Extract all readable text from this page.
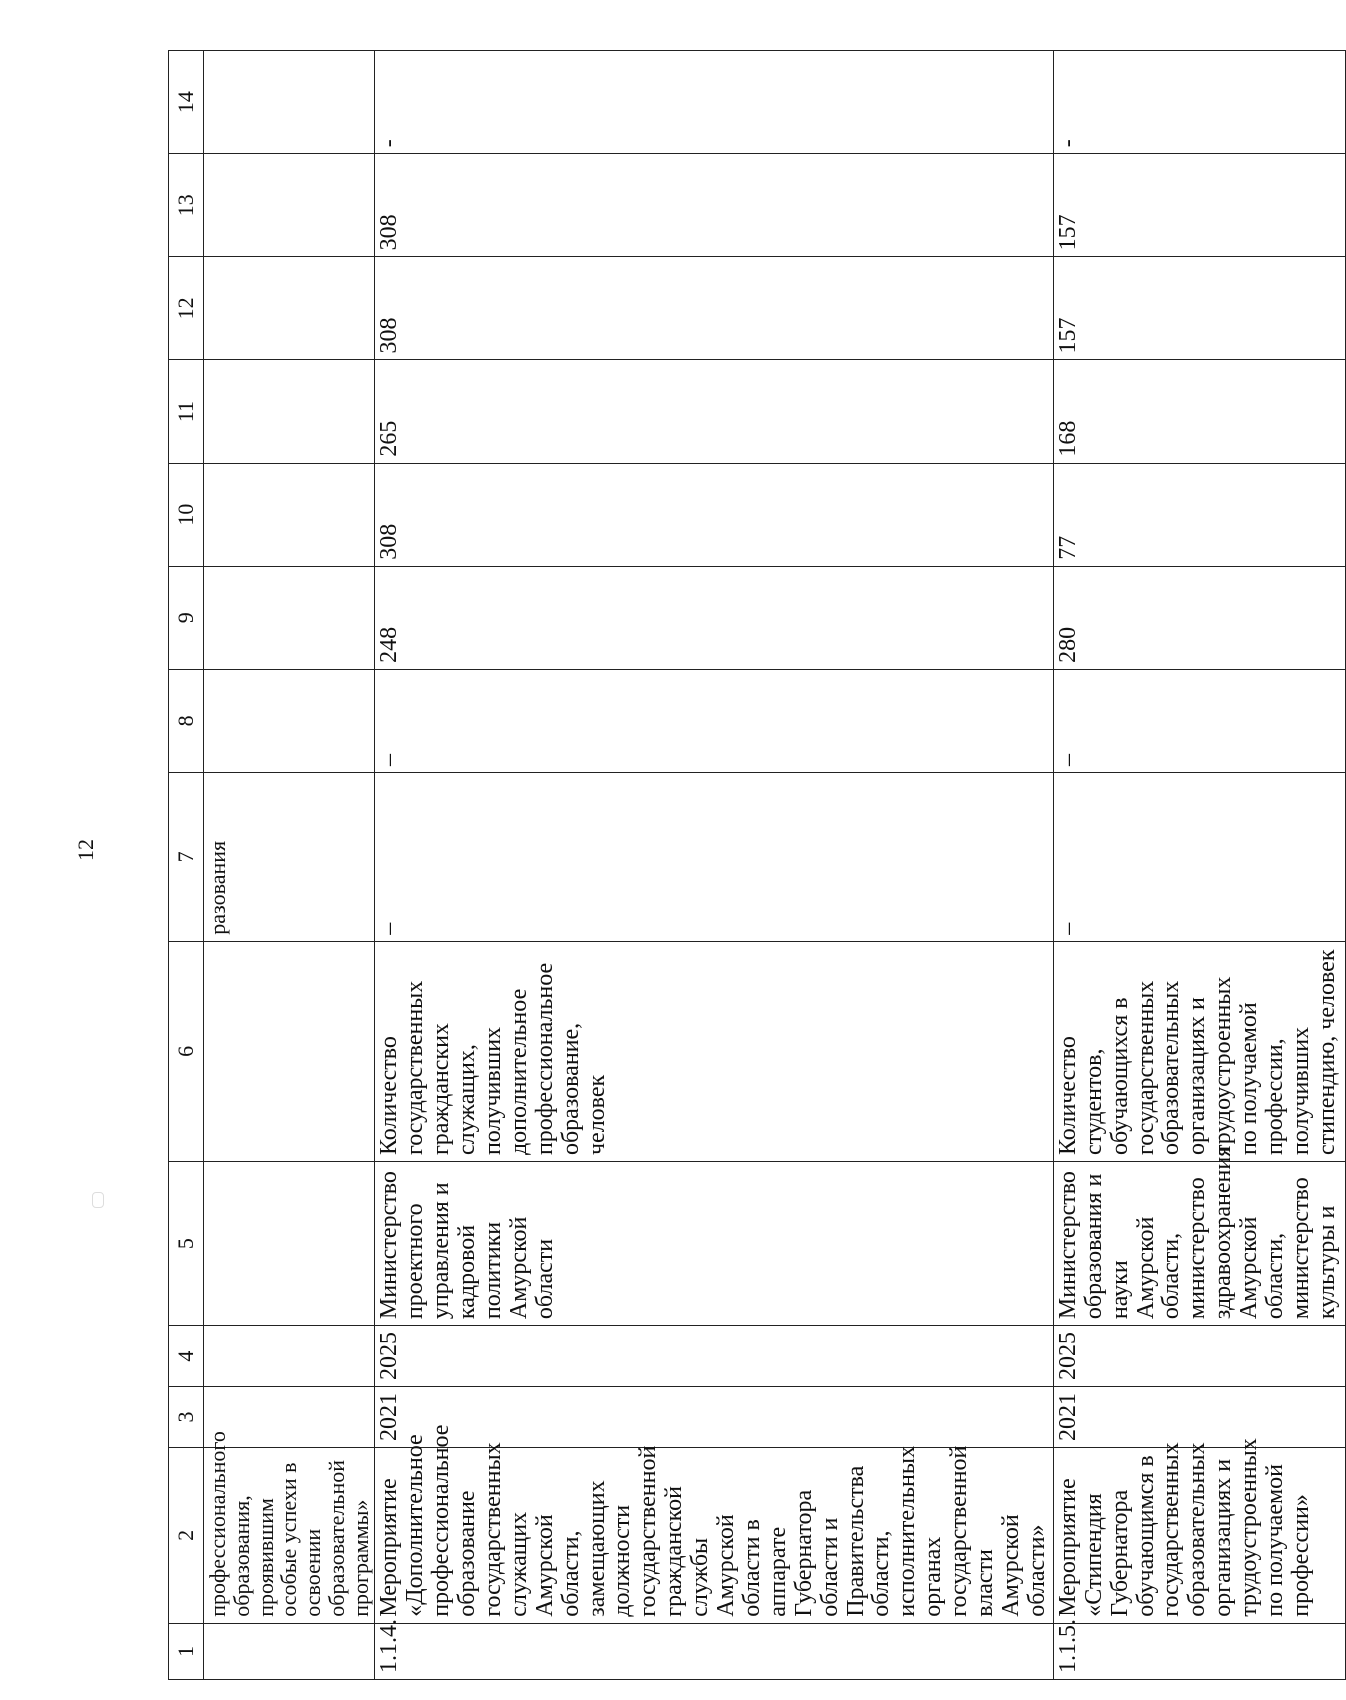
12
1	2	3	4	5	6	7	8	9	10	11	12	13	14
	профессионального образования, проявившим особые успехи в освоении образовательной программы»					разования							
1.1.4.	Мероприятие «Дополнительное профессиональное образование государственных служащих Амурской области, замещающих должности государственной гражданской службы Амурской области в аппарате Губернатора области и Правительства области, исполнительных органах государственной власти Амурской области»	2021	2025	Министерство проектного управления и кадровой политики Амурской области	Количество государственных гражданских служащих, получивших дополнительное профессиональное образование, человек	–	–	248	308	265	308	308	-
1.1.5.	Мероприятие «Стипендия Губернатора обучающимся в государственных образовательных организациях и трудоустроенных по получаемой профессии»	2021	2025	Министерство образования и науки Амурской области, министерство здравоохранения Амурской области, министерство культуры и	Количество студентов, обучающихся в государственных образовательных организациях и трудоустроенных по получаемой профессии, получивших стипендию, человек	–	–	280	77	168	157	157	-
